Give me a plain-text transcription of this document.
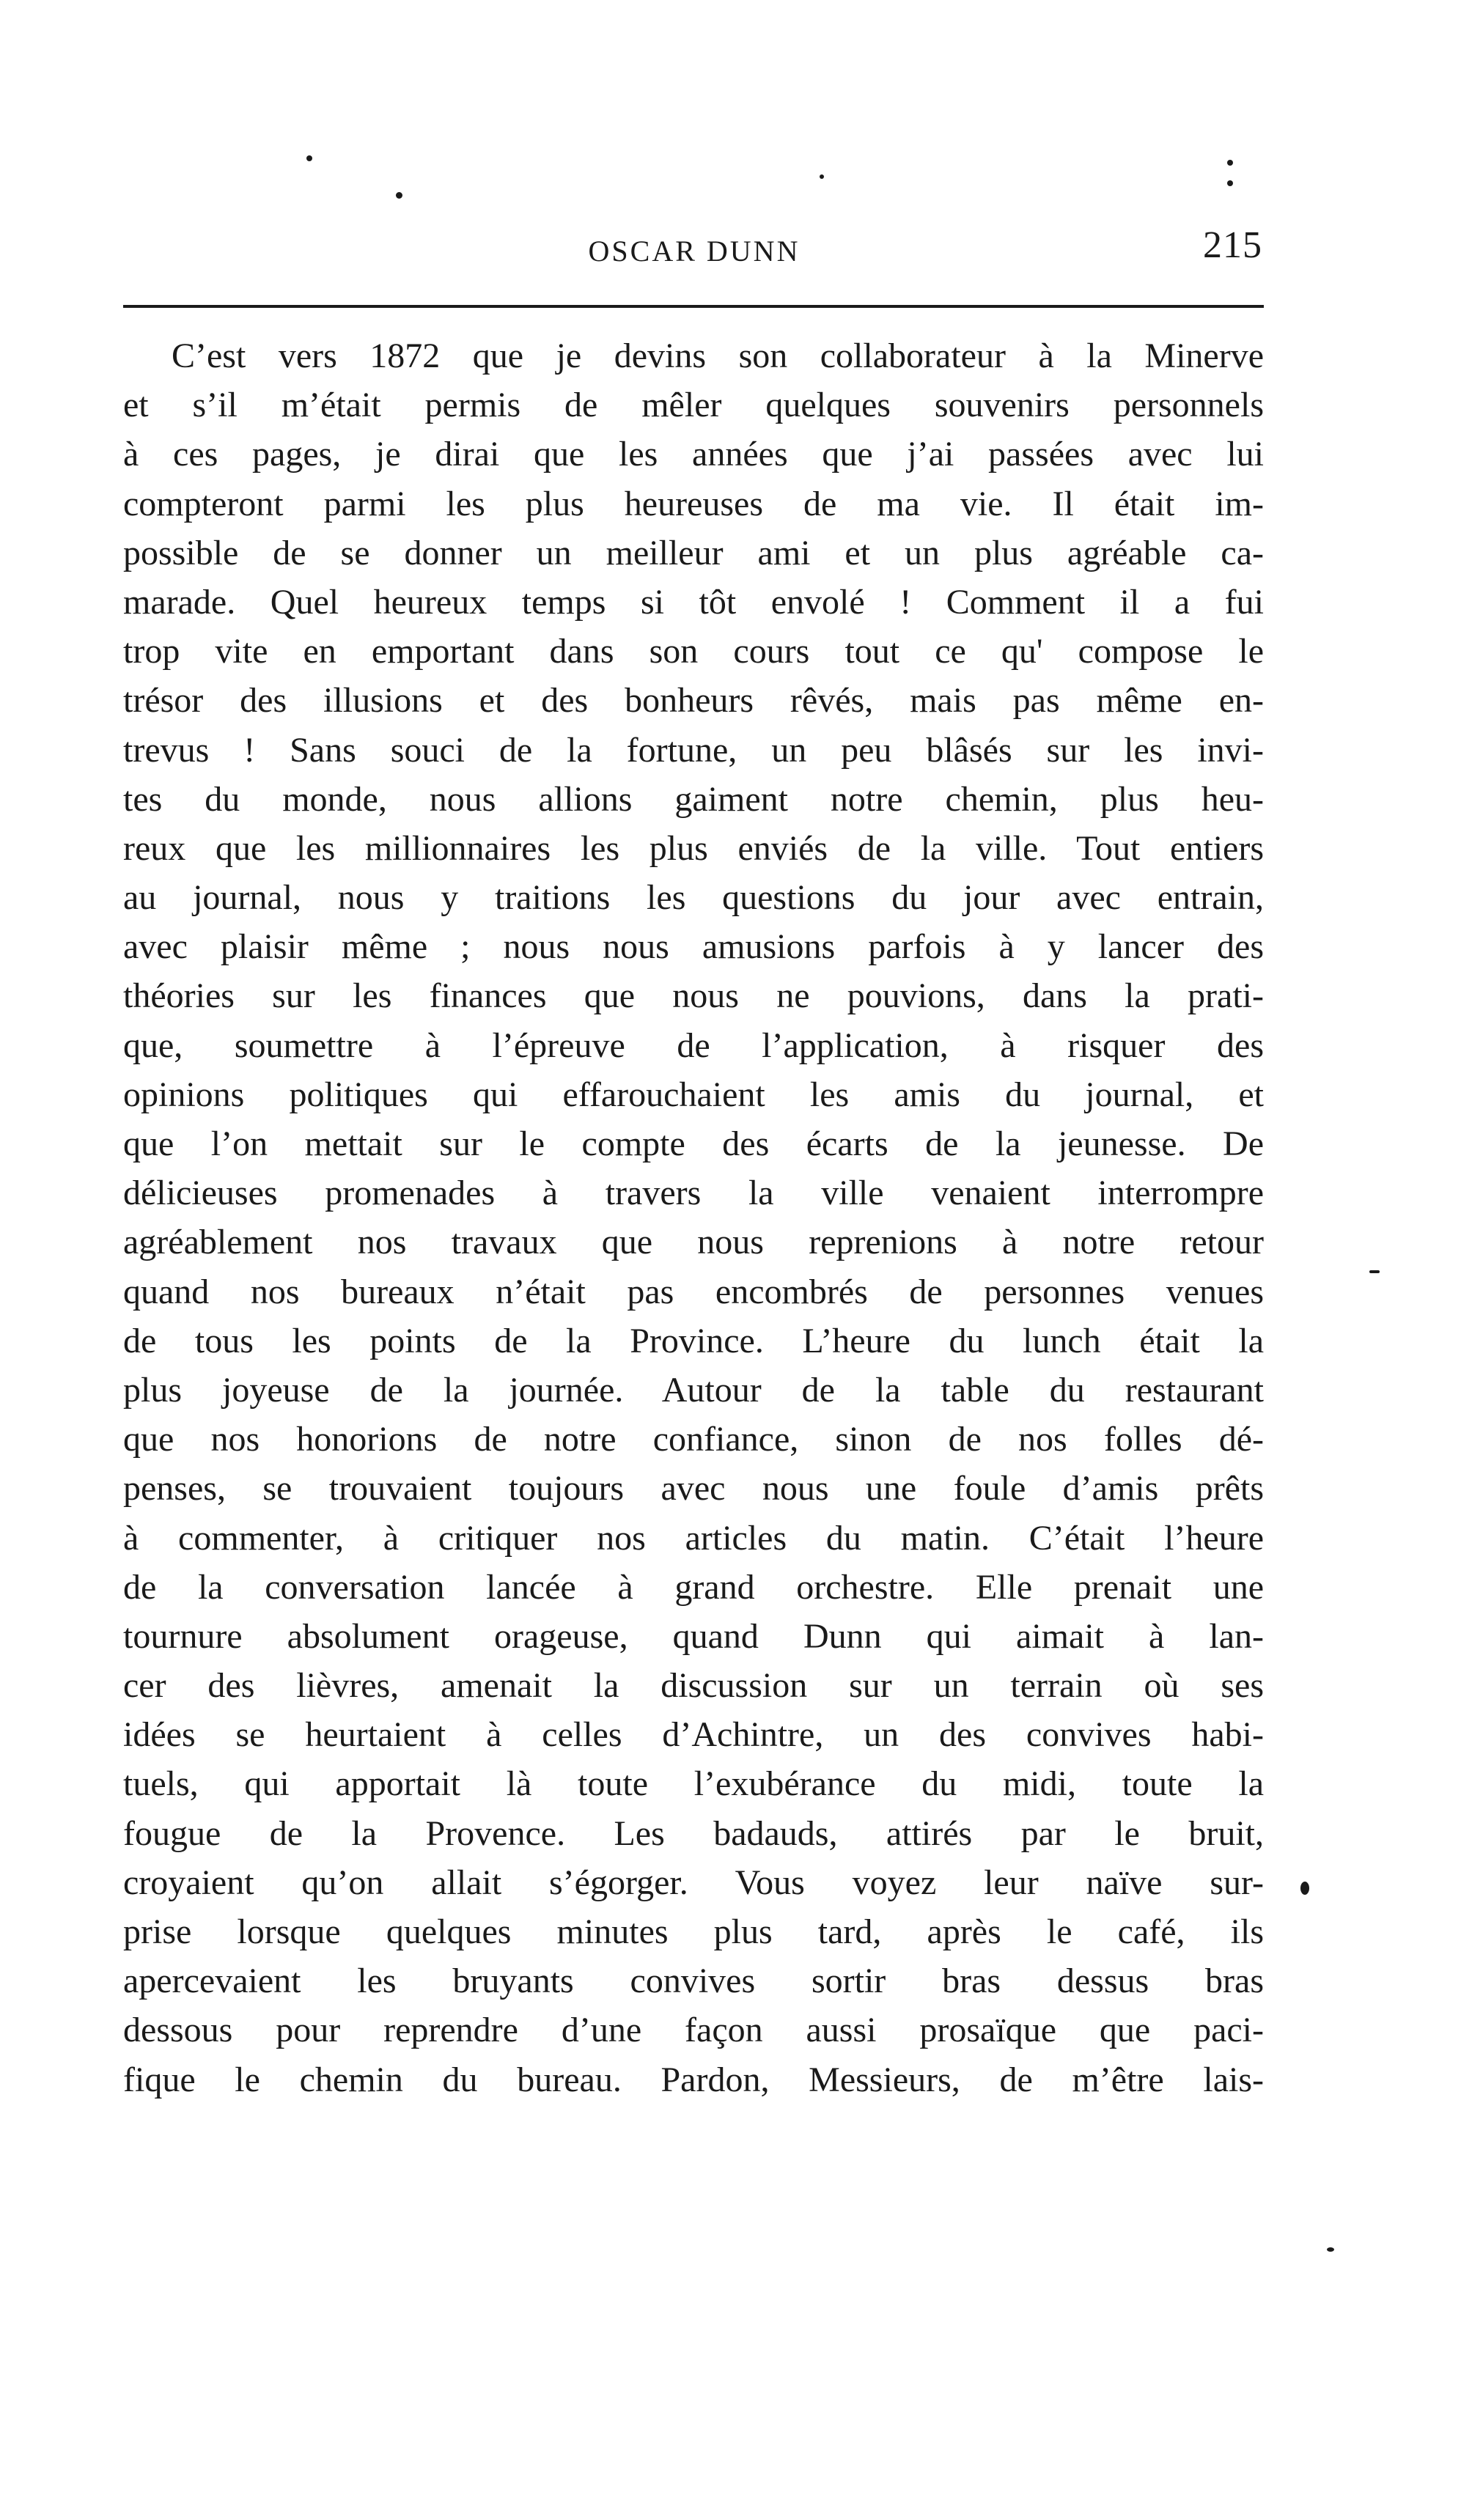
OSCAR DUNN	215
C’est vers 1872 que je devins son collaborateur à la Minerve
et s’il m’était permis de mêler quelques souvenirs personnels
à ces pages, je dirai que les années que j’ai passées avec lui
compteront parmi les plus heureuses de ma vie. Il était im-
possible de se donner un meilleur ami et un plus agréable ca-
marade. Quel heureux temps si tôt envolé ! Comment il a fui
trop vite en emportant dans son cours tout ce qu' compose le
trésor des illusions et des bonheurs rêvés, mais pas même en-
trevus ! Sans souci de la fortune, un peu blâsés sur les invi-
tes du monde, nous allions gaiment notre chemin, plus heu-
reux que les millionnaires les plus enviés de la ville. Tout entiers
au journal, nous y traitions les questions du jour avec entrain,
avec plaisir même ; nous nous amusions parfois à y lancer des
théories sur les finances que nous ne pouvions, dans la prati-
que, soumettre à l’épreuve de l’application, à risquer des
opinions politiques qui effarouchaient les amis du journal, et
que l’on mettait sur le compte des écarts de la jeunesse. De
délicieuses promenades à travers la ville venaient interrompre
agréablement nos travaux que nous reprenions à notre retour
quand nos bureaux n’était pas encombrés de personnes venues
de tous les points de la Province. L’heure du lunch était la
plus joyeuse de la journée. Autour de la table du restaurant
que nos honorions de notre confiance, sinon de nos folles dé-
penses, se trouvaient toujours avec nous une foule d’amis prêts
à commenter, à critiquer nos articles du matin. C’était l’heure
de la conversation lancée à grand orchestre. Elle prenait une
tournure absolument orageuse, quand Dunn qui aimait à lan-
cer des lièvres, amenait la discussion sur un terrain où ses
idées se heurtaient à celles d’Achintre, un des convives habi-
tuels, qui apportait là toute l’exubérance du midi, toute la
fougue de la Provence. Les badauds, attirés par le bruit,
croyaient qu’on allait s’égorger. Vous voyez leur naïve sur-
prise lorsque quelques minutes plus tard, après le café, ils
apercevaient les bruyants convives sortir bras dessus bras
dessous pour reprendre d’une façon aussi prosaïque que paci-
fique le chemin du bureau. Pardon, Messieurs, de m’être lais-
